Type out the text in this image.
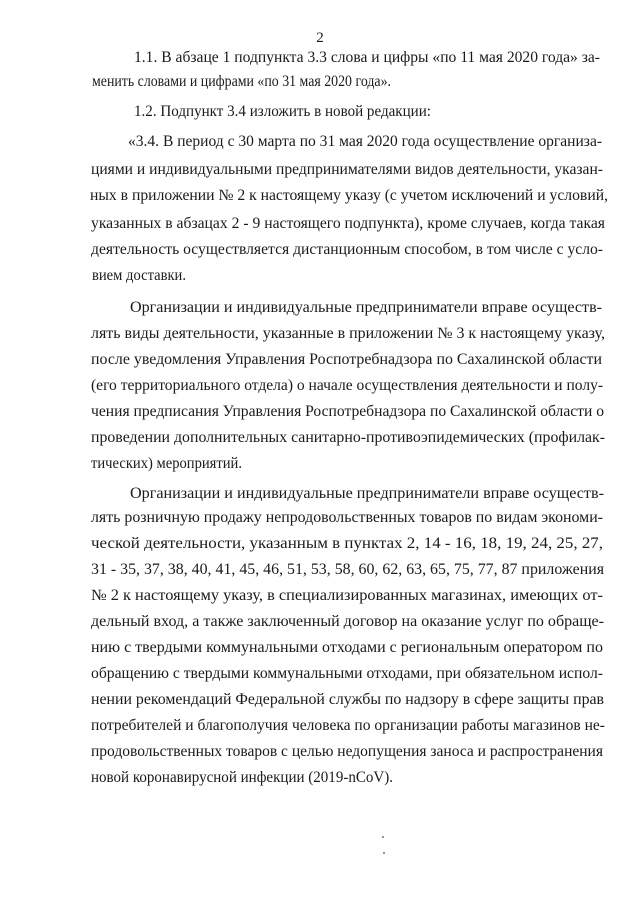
2
1.1. В абзаце 1 подпункта 3.3 слова и цифры «по 11 мая 2020 года» за-
менить словами и цифрами «по 31 мая 2020 года».
1.2. Подпункт 3.4 изложить в новой редакции:
«3.4. В период с 30 марта по 31 мая 2020 года осуществление организа-
циями и индивидуальными предпринимателями видов деятельности, указан-
ных в приложении № 2 к настоящему указу (с учетом исключений и условий,
указанных в абзацах 2 - 9 настоящего подпункта), кроме случаев, когда такая
деятельность осуществляется дистанционным способом, в том числе с усло-
вием доставки.
Организации и индивидуальные предприниматели вправе осуществ-
лять виды деятельности, указанные в приложении № 3 к настоящему указу,
после уведомления Управления Роспотребнадзора по Сахалинской области
(его территориального отдела) о начале осуществления деятельности и полу-
чения предписания Управления Роспотребнадзора по Сахалинской области о
проведении дополнительных санитарно-противоэпидемических (профилак-
тических) мероприятий.
Организации и индивидуальные предприниматели вправе осуществ-
лять розничную продажу непродовольственных товаров по видам экономи-
ческой деятельности, указанным в пунктах 2, 14 - 16, 18, 19, 24, 25, 27,
31 - 35, 37, 38, 40, 41, 45, 46, 51, 53, 58, 60, 62, 63, 65, 75, 77, 87 приложения
№ 2 к настоящему указу, в специализированных магазинах, имеющих от-
дельный вход, а также заключенный договор на оказание услуг по обраще-
нию с твердыми коммунальными отходами с региональным оператором по
обращению с твердыми коммунальными отходами, при обязательном испол-
нении рекомендаций Федеральной службы по надзору в сфере защиты прав
потребителей и благополучия человека по организации работы магазинов не-
продовольственных товаров с целью недопущения заноса и распространения
новой коронавирусной инфекции (2019-nCoV).
